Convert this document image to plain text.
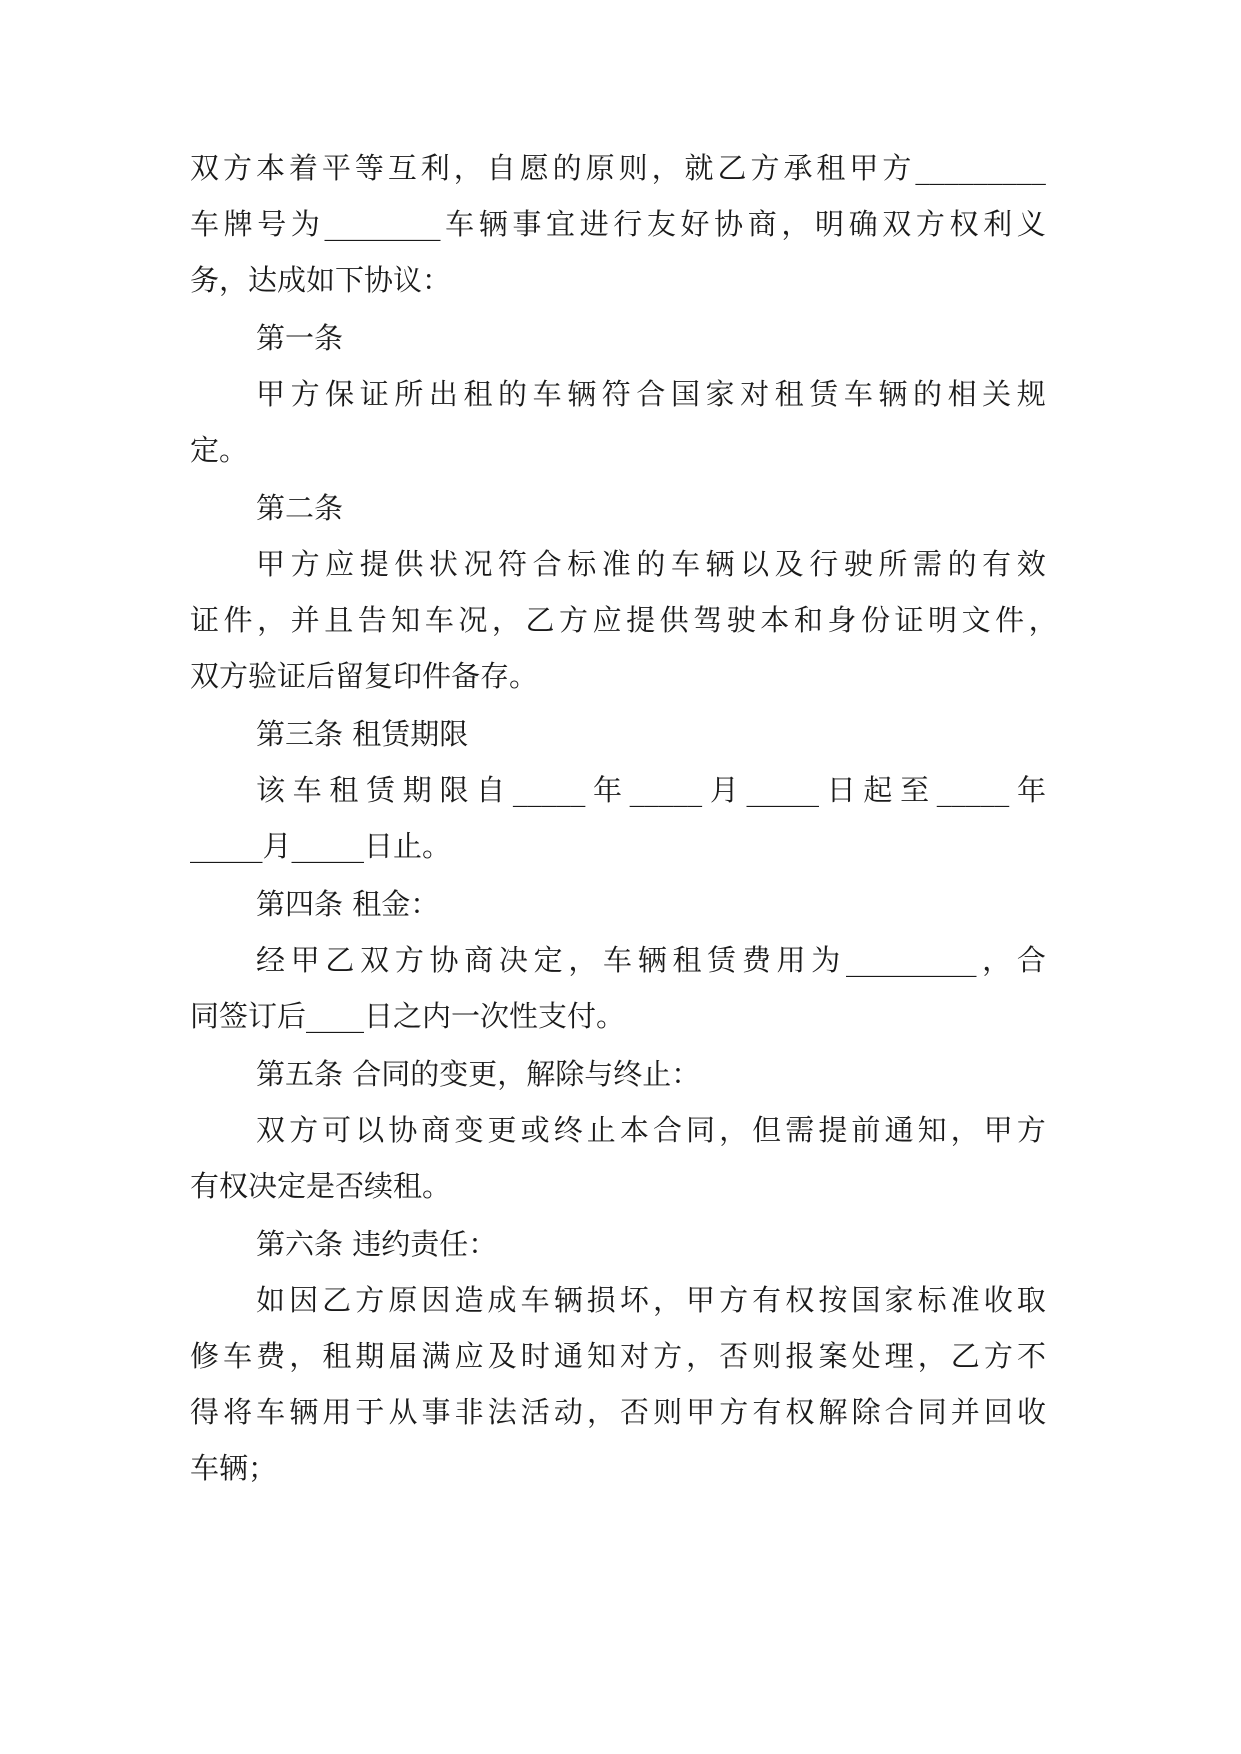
双 方 本 着 平 等 互 利 ， 自 愿 的 原 则 ， 就 乙 方 承 租 甲 方 _________
车 牌 号 为 ________ 车 辆 事 宜 进 行 友 好 协 商 ， 明 确 双 方 权 利 义
务，达成如下协议：
第一条
甲 方 保 证 所 出 租 的 车 辆 符 合 国 家 对 租 赁 车 辆 的 相 关 规
定。
第二条
甲 方 应 提 供 状 况 符 合 标 准 的 车 辆 以 及 行 驶 所 需 的 有 效
证 件 ， 并 且 告 知 车 况 ， 乙 方 应 提 供 驾 驶 本 和 身 份 证 明 文 件 ，
双方验证后留复印件备存。
第三条 租赁期限
该 车 租 赁 期 限 自 _____ 年 _____ 月 _____ 日 起 至 _____ 年
_____月_____日止。
第四条 租金：
经 甲 乙 双 方 协 商 决 定 ， 车 辆 租 赁 费 用 为 _________ ， 合
同签订后____日之内一次性支付。
第五条 合同的变更，解除与终止：
双 方 可 以 协 商 变 更 或 终 止 本 合 同 ， 但 需 提 前 通 知 ， 甲 方
有权决定是否续租。
第六条 违约责任：
如 因 乙 方 原 因 造 成 车 辆 损 坏 ， 甲 方 有 权 按 国 家 标 准 收 取
修 车 费 ， 租 期 届 满 应 及 时 通 知 对 方 ， 否 则 报 案 处 理 ， 乙 方 不
得 将 车 辆 用 于 从 事 非 法 活 动 ， 否 则 甲 方 有 权 解 除 合 同 并 回 收
车辆；
